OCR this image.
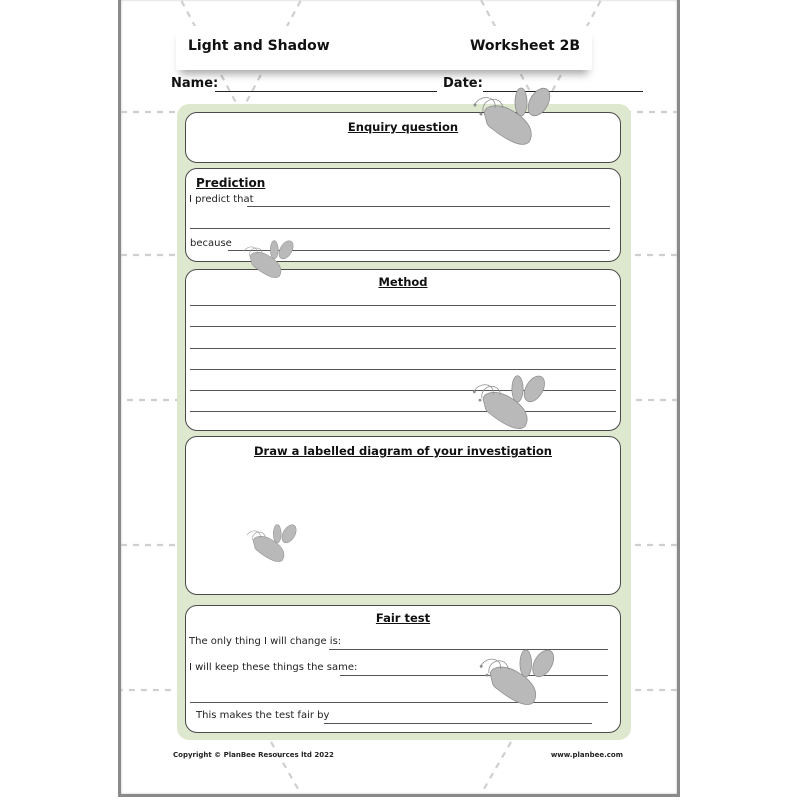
Light and Shadow	Worksheet 2B
Name:	Date:
Enquiry question
Prediction
I predict that
because
Method
Draw a labelled diagram of your investigation
Fair test
The only thing I will change is:
I will keep these things the same:
This makes the test fair by
Copyright © PlanBee Resources ltd 2022	www.planbee.com
